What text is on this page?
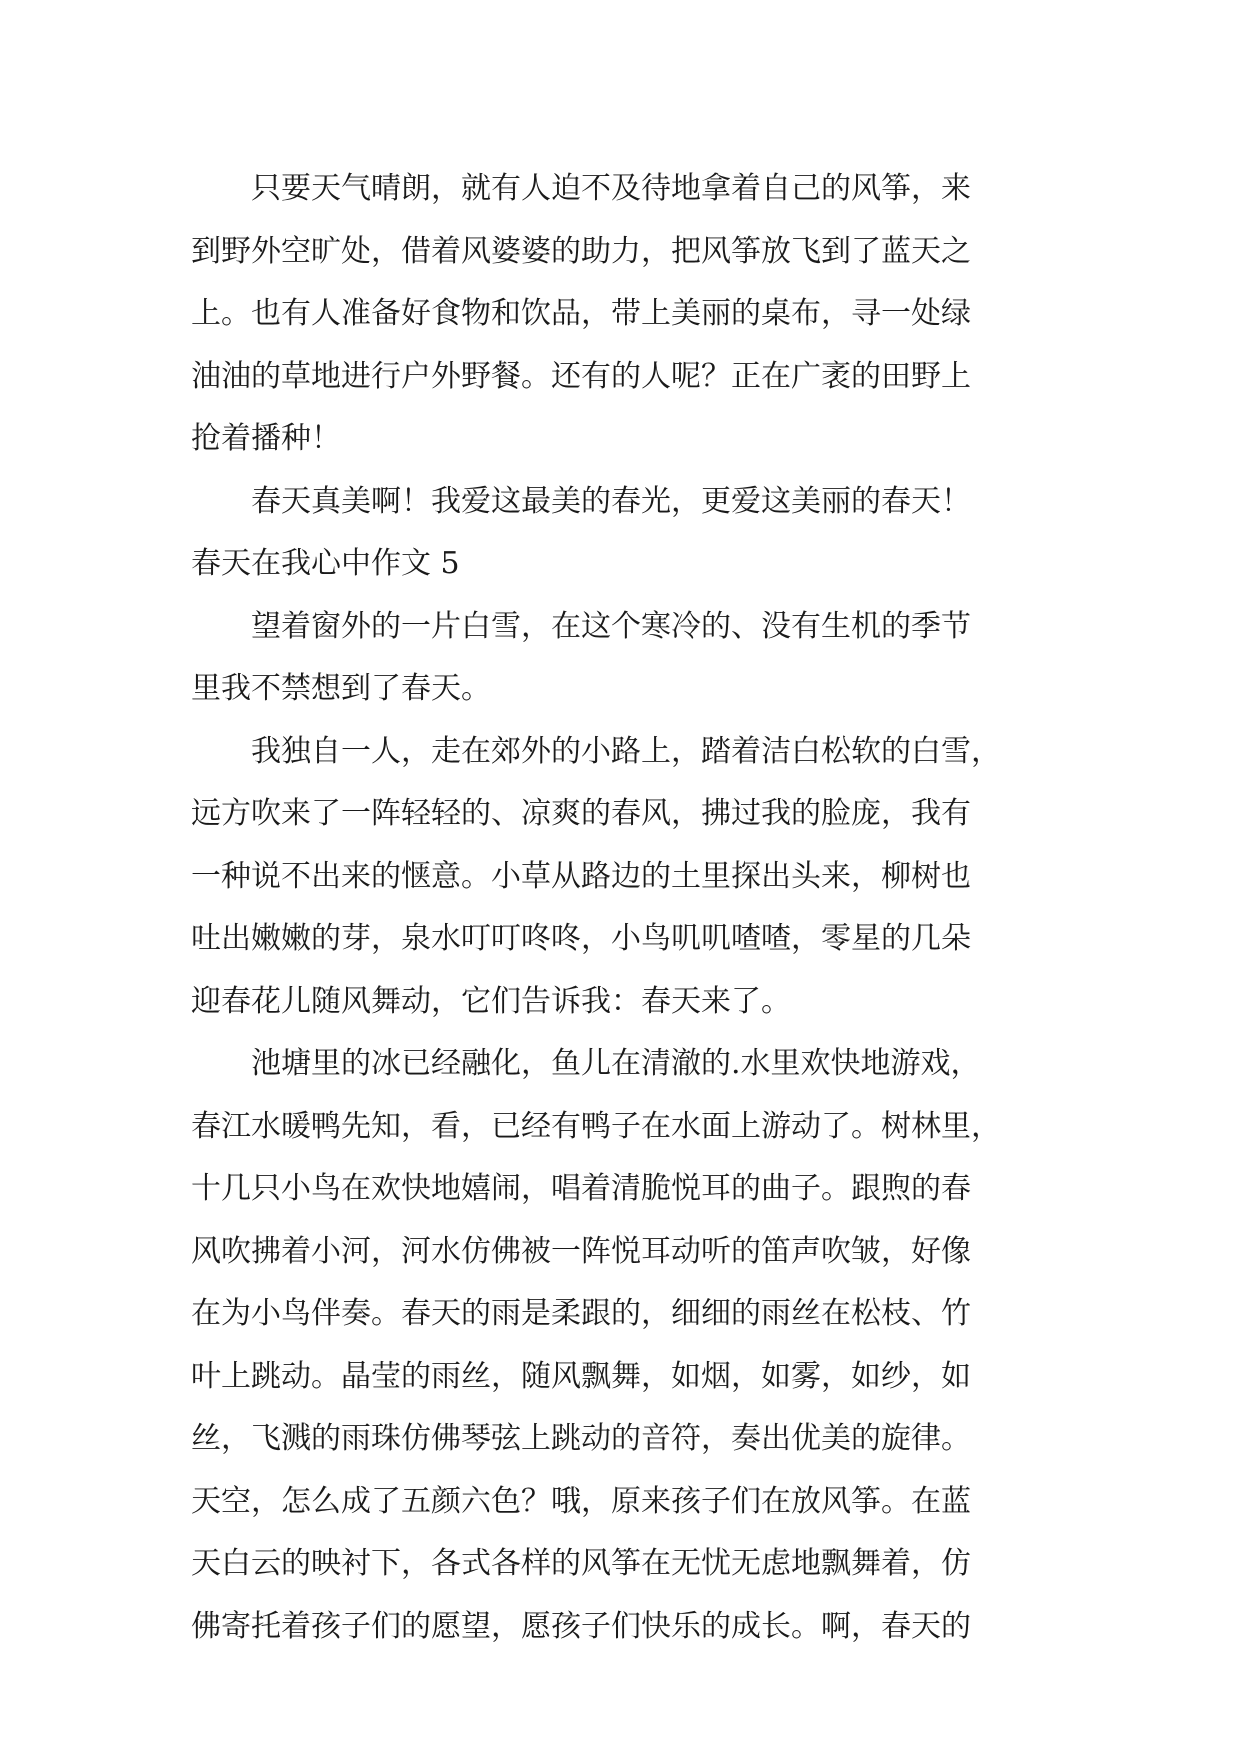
只要天气晴朗，就有人迫不及待地拿着自己的风筝，来
到野外空旷处，借着风婆婆的助力，把风筝放飞到了蓝天之
上。也有人准备好食物和饮品，带上美丽的桌布，寻一处绿
油油的草地进行户外野餐。还有的人呢？正在广袤的田野上
抢着播种！
春天真美啊！我爱这最美的春光，更爱这美丽的春天！
春天在我心中作文 5
望着窗外的一片白雪，在这个寒冷的、没有生机的季节
里我不禁想到了春天。
我独自一人，走在郊外的小路上，踏着洁白松软的白雪，
远方吹来了一阵轻轻的、凉爽的春风，拂过我的脸庞，我有
一种说不出来的惬意。小草从路边的土里探出头来，柳树也
吐出嫩嫩的芽，泉水叮叮咚咚，小鸟叽叽喳喳，零星的几朵
迎春花儿随风舞动，它们告诉我：春天来了。
池塘里的冰已经融化，鱼儿在清澈的.水里欢快地游戏，
春江水暖鸭先知，看，已经有鸭子在水面上游动了。树林里，
十几只小鸟在欢快地嬉闹，唱着清脆悦耳的曲子。跟煦的春
风吹拂着小河，河水仿佛被一阵悦耳动听的笛声吹皱，好像
在为小鸟伴奏。春天的雨是柔跟的，细细的雨丝在松枝、竹
叶上跳动。晶莹的雨丝，随风飘舞，如烟，如雾，如纱，如
丝，飞溅的雨珠仿佛琴弦上跳动的音符，奏出优美的旋律。
天空，怎么成了五颜六色？哦，原来孩子们在放风筝。在蓝
天白云的映衬下，各式各样的风筝在无忧无虑地飘舞着，仿
佛寄托着孩子们的愿望，愿孩子们快乐的成长。啊，春天的
